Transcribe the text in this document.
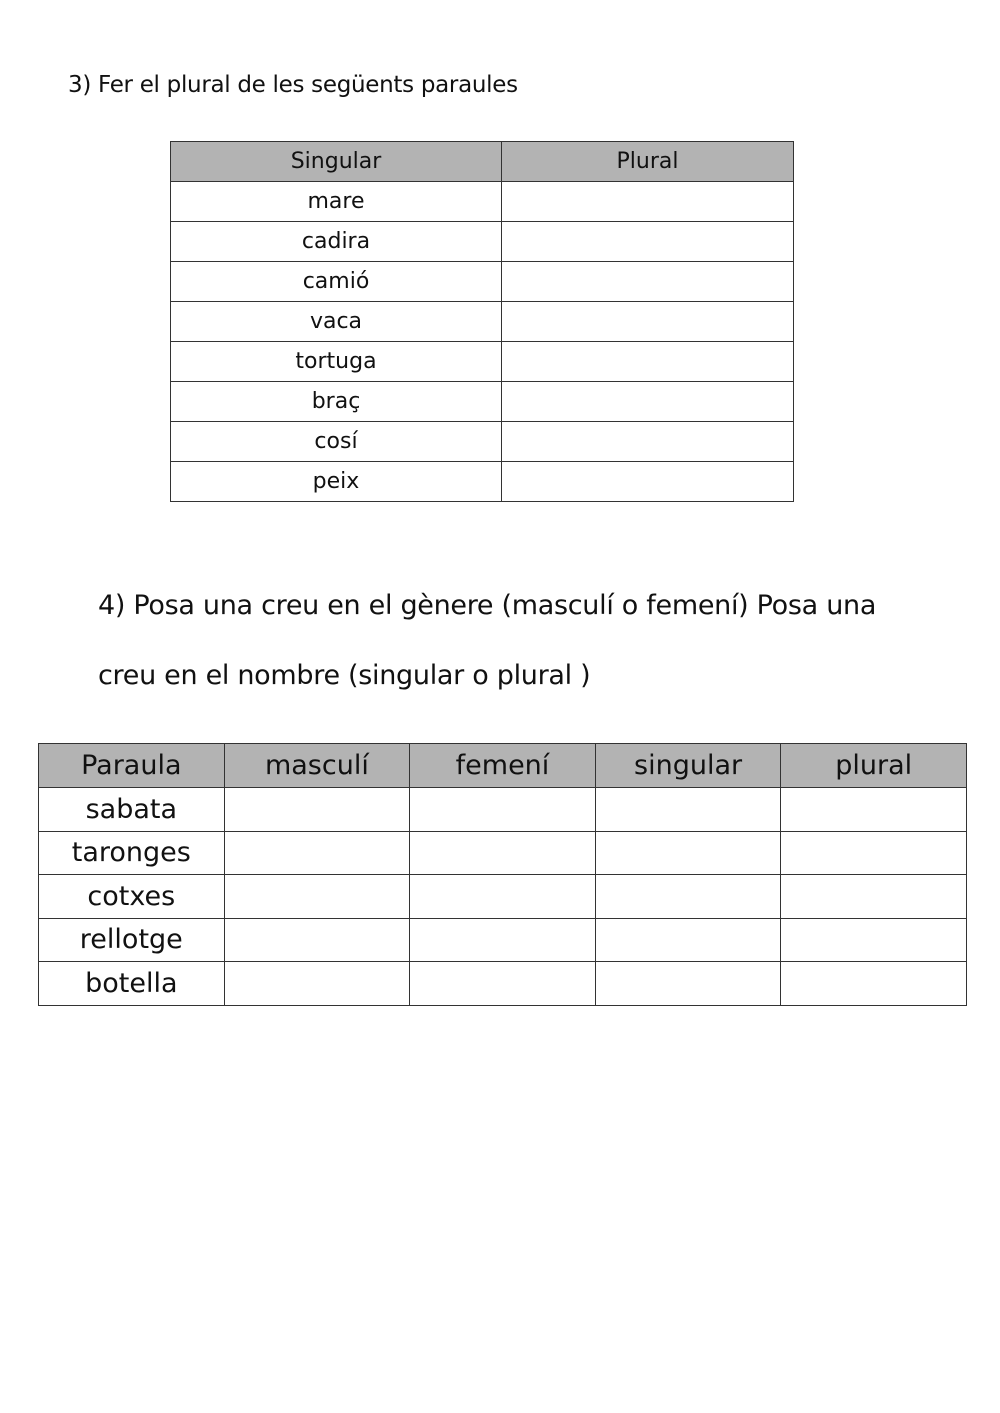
3) Fer el plural de les següents paraules
Singular	Plural
mare	
cadira	
camió	
vaca	
tortuga	
braç	
cosí	
peix	
4) Posa una creu en el gènere (masculí o femení) Posa una
creu en el nombre (singular o plural )
Paraula	masculí	femení	singular	plural
sabata				
taronges				
cotxes				
rellotge				
botella				
